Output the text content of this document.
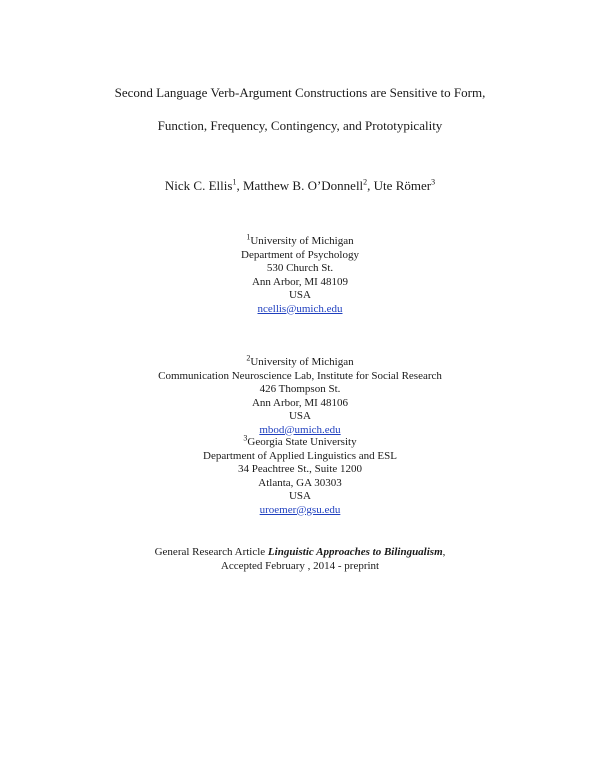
Second Language Verb-Argument Constructions are Sensitive to Form,
Function, Frequency, Contingency, and Prototypicality
Nick C. Ellis$^1$, Matthew B. O’Donnell$^2$, Ute Römer$^3$
$^1$University of Michigan
Department of Psychology
530 Church St.
Ann Arbor, MI 48109
USA
ncellis@umich.edu
$^2$University of Michigan
Communication Neuroscience Lab, Institute for Social Research
426 Thompson St.
Ann Arbor, MI 48106
USA
mbod@umich.edu
$^3$Georgia State University
Department of Applied Linguistics and ESL
34 Peachtree St., Suite 1200
Atlanta, GA 30303
USA
uroemer@gsu.edu
General Research Article Linguistic Approaches to Bilingualism,
Accepted February , 2014 - preprint
